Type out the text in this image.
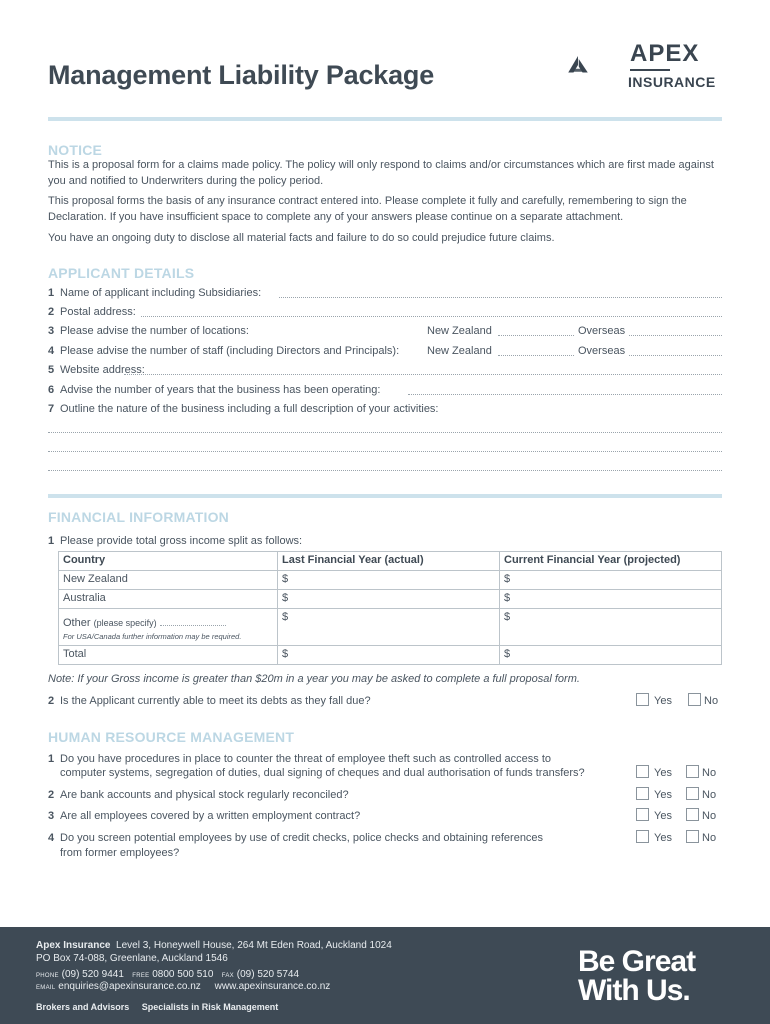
Management Liability Package
APEX
INSURANCE
NOTICE
This is a proposal form for a claims made policy. The policy will only respond to claims and/or circumstances which are first made against you and notified to Underwriters during the policy period.
This proposal forms the basis of any insurance contract entered into. Please complete it fully and carefully, remembering to sign the Declaration. If you have insufficient space to complete any of your answers please continue on a separate attachment.
You have an ongoing duty to disclose all material facts and failure to do so could prejudice future claims.
APPLICANT DETAILS
1 Name of applicant including Subsidiaries:
2 Postal address:
3 Please advise the number of locations:	New Zealand	Overseas
4 Please advise the number of staff (including Directors and Principals):	New Zealand	Overseas
5 Website address:
6 Advise the number of years that the business has been operating:
7 Outline the nature of the business including a full description of your activities:
FINANCIAL INFORMATION
1 Please provide total gross income split as follows:
Country	Last Financial Year (actual)	Current Financial Year (projected)
New Zealand	$	$
Australia	$	$
Other (please specify)
For USA/Canada further information may be required.	$	$
Total	$	$
Note: If your Gross income is greater than $20m in a year you may be asked to complete a full proposal form.
2 Is the Applicant currently able to meet its debts as they fall due?	Yes	No
HUMAN RESOURCE MANAGEMENT
1 Do you have procedures in place to counter the threat of employee theft such as controlled access to
computer systems, segregation of duties, dual signing of cheques and dual authorisation of funds transfers?	Yes	No
2 Are bank accounts and physical stock regularly reconciled?	Yes	No
3 Are all employees covered by a written employment contract?	Yes	No
4 Do you screen potential employees by use of credit checks, police checks and obtaining references
from former employees?
Yes	No
Apex Insurance Level 3, Honeywell House, 264 Mt Eden Road, Auckland 1024
PO Box 74-088, Greenlane, Auckland 1546
PHONE (09) 520 9441 FREE 0800 500 510 FAX (09) 520 5744
EMAIL enquiries@apexinsurance.co.nz www.apexinsurance.co.nz
Brokers and Advisors Specialists in Risk Management
Be Great
With Us.
